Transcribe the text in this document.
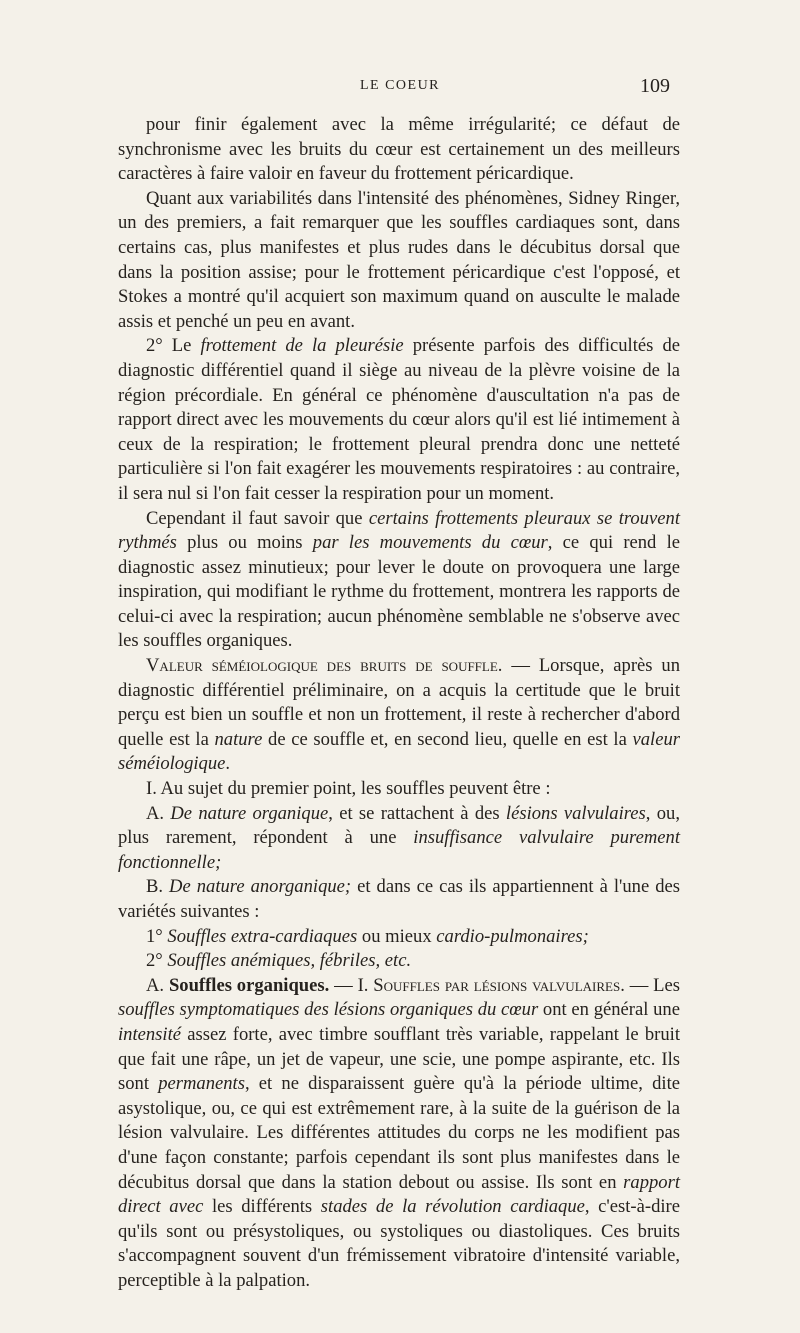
LE COEUR	109

pour finir également avec la même irrégularité; ce défaut de synchronisme avec les bruits du cœur est certainement un des meilleurs caractères à faire valoir en faveur du frottement péricardique.

Quant aux variabilités dans l'intensité des phénomènes, Sidney Ringer, un des premiers, a fait remarquer que les souffles cardiaques sont, dans certains cas, plus manifestes et plus rudes dans le décubitus dorsal que dans la position assise; pour le frottement péricardique c'est l'opposé, et Stokes a montré qu'il acquiert son maximum quand on ausculte le malade assis et penché un peu en avant.

2° Le frottement de la pleurésie présente parfois des difficultés de diagnostic différentiel quand il siège au niveau de la plèvre voisine de la région précordiale. En général ce phénomène d'auscultation n'a pas de rapport direct avec les mouvements du cœur alors qu'il est lié intimement à ceux de la respiration; le frottement pleural prendra donc une netteté particulière si l'on fait exagérer les mouvements respiratoires : au contraire, il sera nul si l'on fait cesser la respiration pour un moment.

Cependant il faut savoir que certains frottements pleuraux se trouvent rythmés plus ou moins par les mouvements du cœur, ce qui rend le diagnostic assez minutieux; pour lever le doute on provoquera une large inspiration, qui modifiant le rythme du frottement, montrera les rapports de celui-ci avec la respiration; aucun phénomène semblable ne s'observe avec les souffles organiques.

Valeur séméiologique des bruits de souffle. — Lorsque, après un diagnostic différentiel préliminaire, on a acquis la certitude que le bruit perçu est bien un souffle et non un frottement, il reste à rechercher d'abord quelle est la nature de ce souffle et, en second lieu, quelle en est la valeur séméiologique.

I. Au sujet du premier point, les souffles peuvent être :

A. De nature organique, et se rattachent à des lésions valvulaires, ou, plus rarement, répondent à une insuffisance valvulaire purement fonctionnelle;

B. De nature anorganique; et dans ce cas ils appartiennent à l'une des variétés suivantes :

1° Souffles extra-cardiaques ou mieux cardio-pulmonaires;

2° Souffles anémiques, fébriles, etc.

A. Souffles organiques. — I. Souffles par lésions valvulaires. — Les souffles symptomatiques des lésions organiques du cœur ont en général une intensité assez forte, avec timbre soufflant très variable, rappelant le bruit que fait une râpe, un jet de vapeur, une scie, une pompe aspirante, etc. Ils sont permanents, et ne disparaissent guère qu'à la période ultime, dite asystolique, ou, ce qui est extrêmement rare, à la suite de la guérison de la lésion valvulaire. Les différentes attitudes du corps ne les modifient pas d'une façon constante; parfois cependant ils sont plus manifestes dans le décubitus dorsal que dans la station debout ou assise. Ils sont en rapport direct avec les différents stades de la révolution cardiaque, c'est-à-dire qu'ils sont ou présystoliques, ou systoliques ou diastoliques. Ces bruits s'accompagnent souvent d'un frémissement vibratoire d'intensité variable, perceptible à la palpation.
